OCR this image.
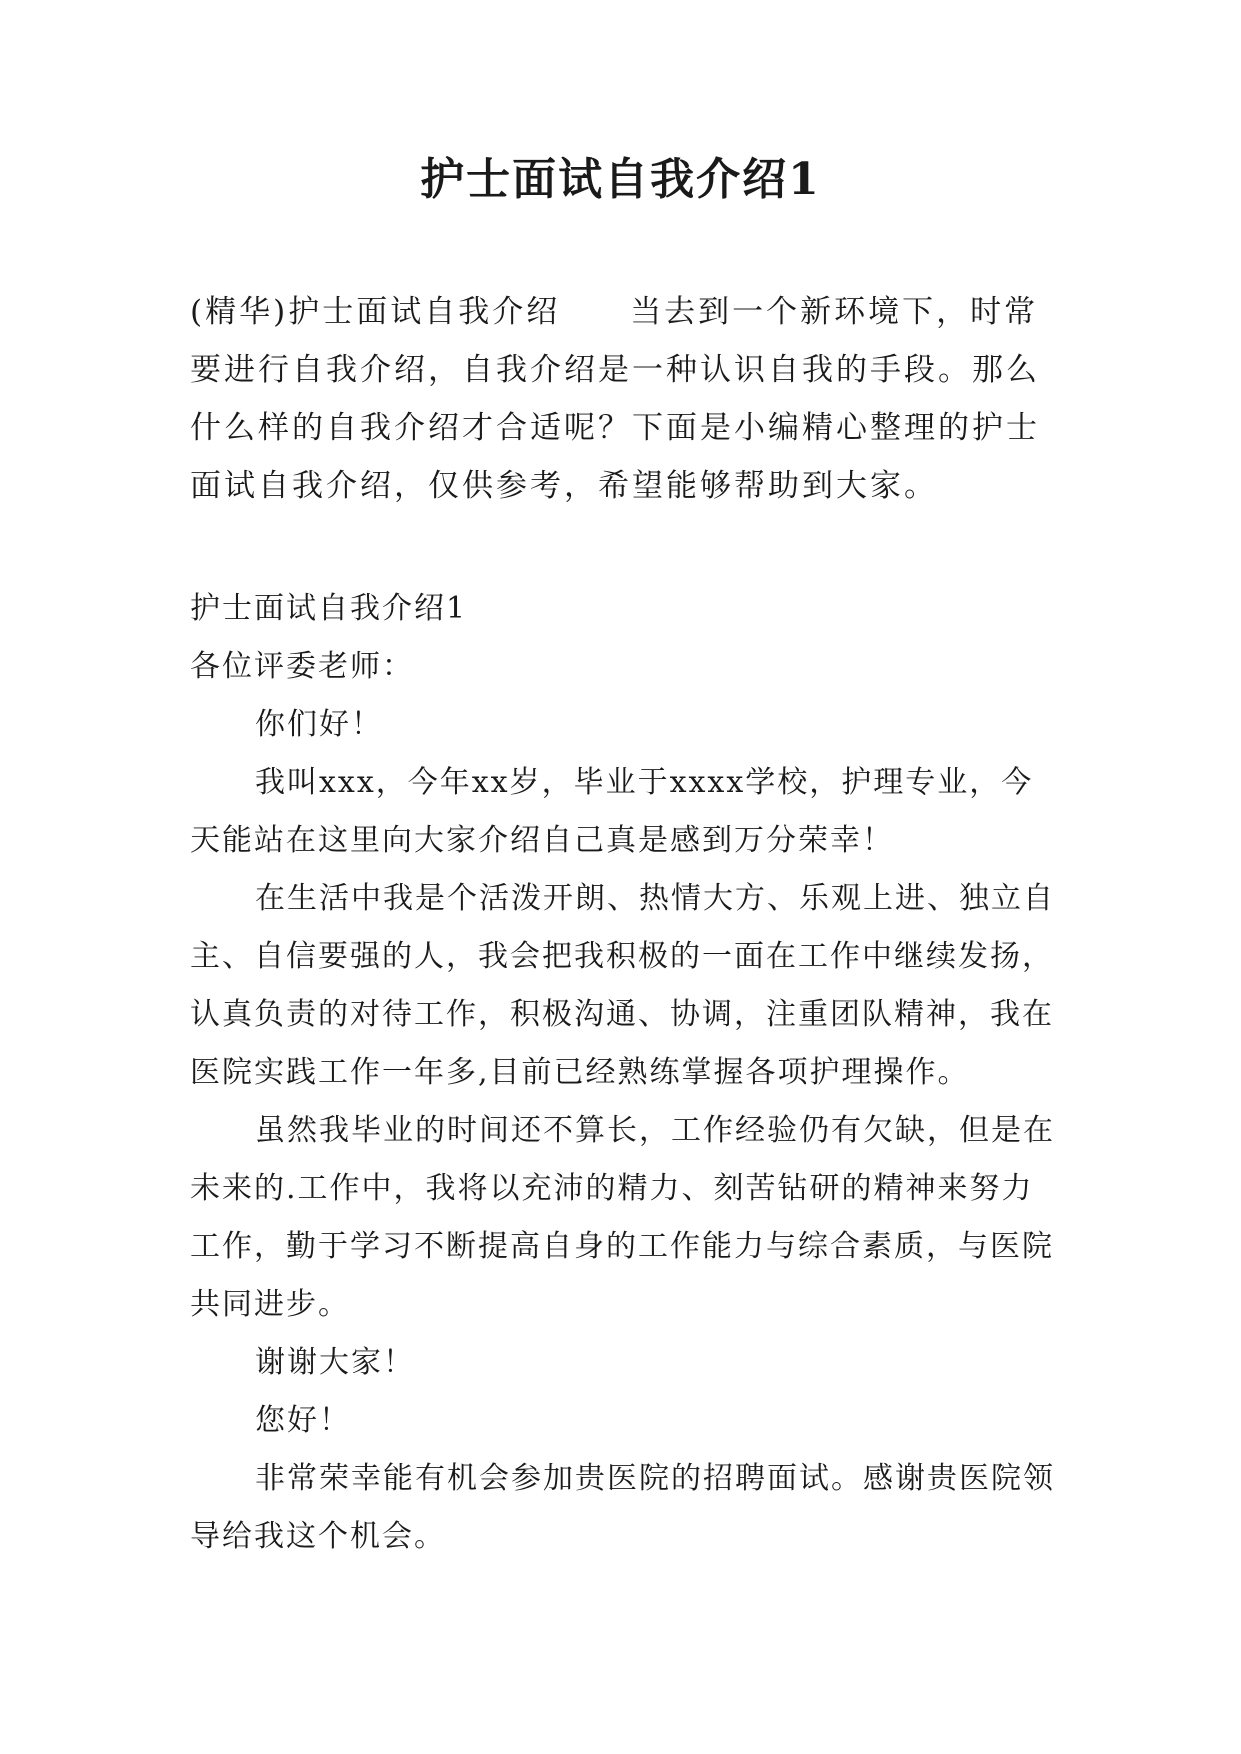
护士面试自我介绍1

(精华)护士面试自我介绍 当去到一个新环境下，时常要进行自我介绍，自我介绍是一种认识自我的手段。那么什么样的自我介绍才合适呢？下面是小编精心整理的护士面试自我介绍，仅供参考，希望能够帮助到大家。

护士面试自我介绍1

各位评委老师：

你们好！

我叫xxx，今年xx岁，毕业于xxxx学校，护理专业，今天能站在这里向大家介绍自己真是感到万分荣幸！

在生活中我是个活泼开朗、热情大方、乐观上进、独立自主、自信要强的人，我会把我积极的一面在工作中继续发扬，认真负责的对待工作，积极沟通、协调，注重团队精神，我在医院实践工作一年多,目前已经熟练掌握各项护理操作。

虽然我毕业的时间还不算长，工作经验仍有欠缺，但是在未来的.工作中，我将以充沛的精力、刻苦钻研的精神来努力工作，勤于学习不断提高自身的工作能力与综合素质，与医院共同进步。

谢谢大家！

您好！

非常荣幸能有机会参加贵医院的招聘面试。感谢贵医院领导给我这个机会。
